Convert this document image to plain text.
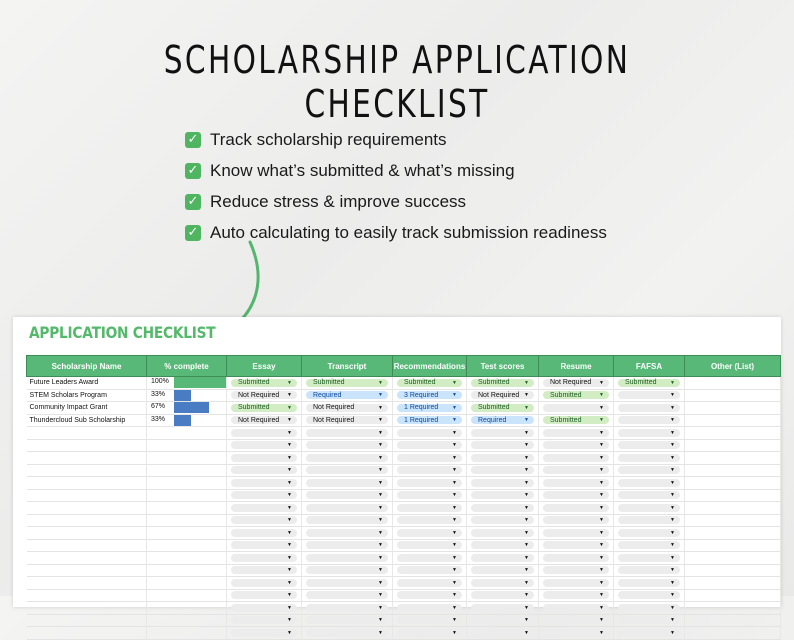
SCHOLARSHIP APPLICATION CHECKLIST
✓ Track scholarship requirements
✓ Know what’s submitted & what’s missing
✓ Reduce stress & improve success
✓ Auto calculating to easily track submission readiness
APPLICATION CHECKLIST
Scholarship Name	% complete	Essay	Transcript	Recommendations	Test scores	Resume	FAFSA	Other (List)
Future Leaders Award	100%	Submitted ▼	Submitted ▼	Submitted ▼	Submitted ▼	Not Required ▼	Submitted ▼	

STEM Scholars Program	33%	Not Required ▼	Required ▼	3 Required ▼	Not Required ▼	Submitted ▼	▼	

Community Impact Grant	67%	Submitted ▼	Not Required ▼	1 Required ▼	Submitted ▼	▼	▼	

Thundercloud Sub Scholarship	33%	Not Required ▼	Not Required ▼	1 Required ▼	Required ▼	Submitted ▼	▼	

		▼	▼	▼	▼	▼	▼	

		▼	▼	▼	▼	▼	▼	

		▼	▼	▼	▼	▼	▼	

		▼	▼	▼	▼	▼	▼	

		▼	▼	▼	▼	▼	▼	

		▼	▼	▼	▼	▼	▼	

		▼	▼	▼	▼	▼	▼	

		▼	▼	▼	▼	▼	▼	

		▼	▼	▼	▼	▼	▼	

		▼	▼	▼	▼	▼	▼	

		▼	▼	▼	▼	▼	▼	

		▼	▼	▼	▼	▼	▼	

		▼	▼	▼	▼	▼	▼	

		▼	▼	▼	▼	▼	▼	

		▼	▼	▼	▼	▼	▼	

		▼	▼	▼	▼	▼	▼	

		▼	▼	▼	▼	▼	▼	
